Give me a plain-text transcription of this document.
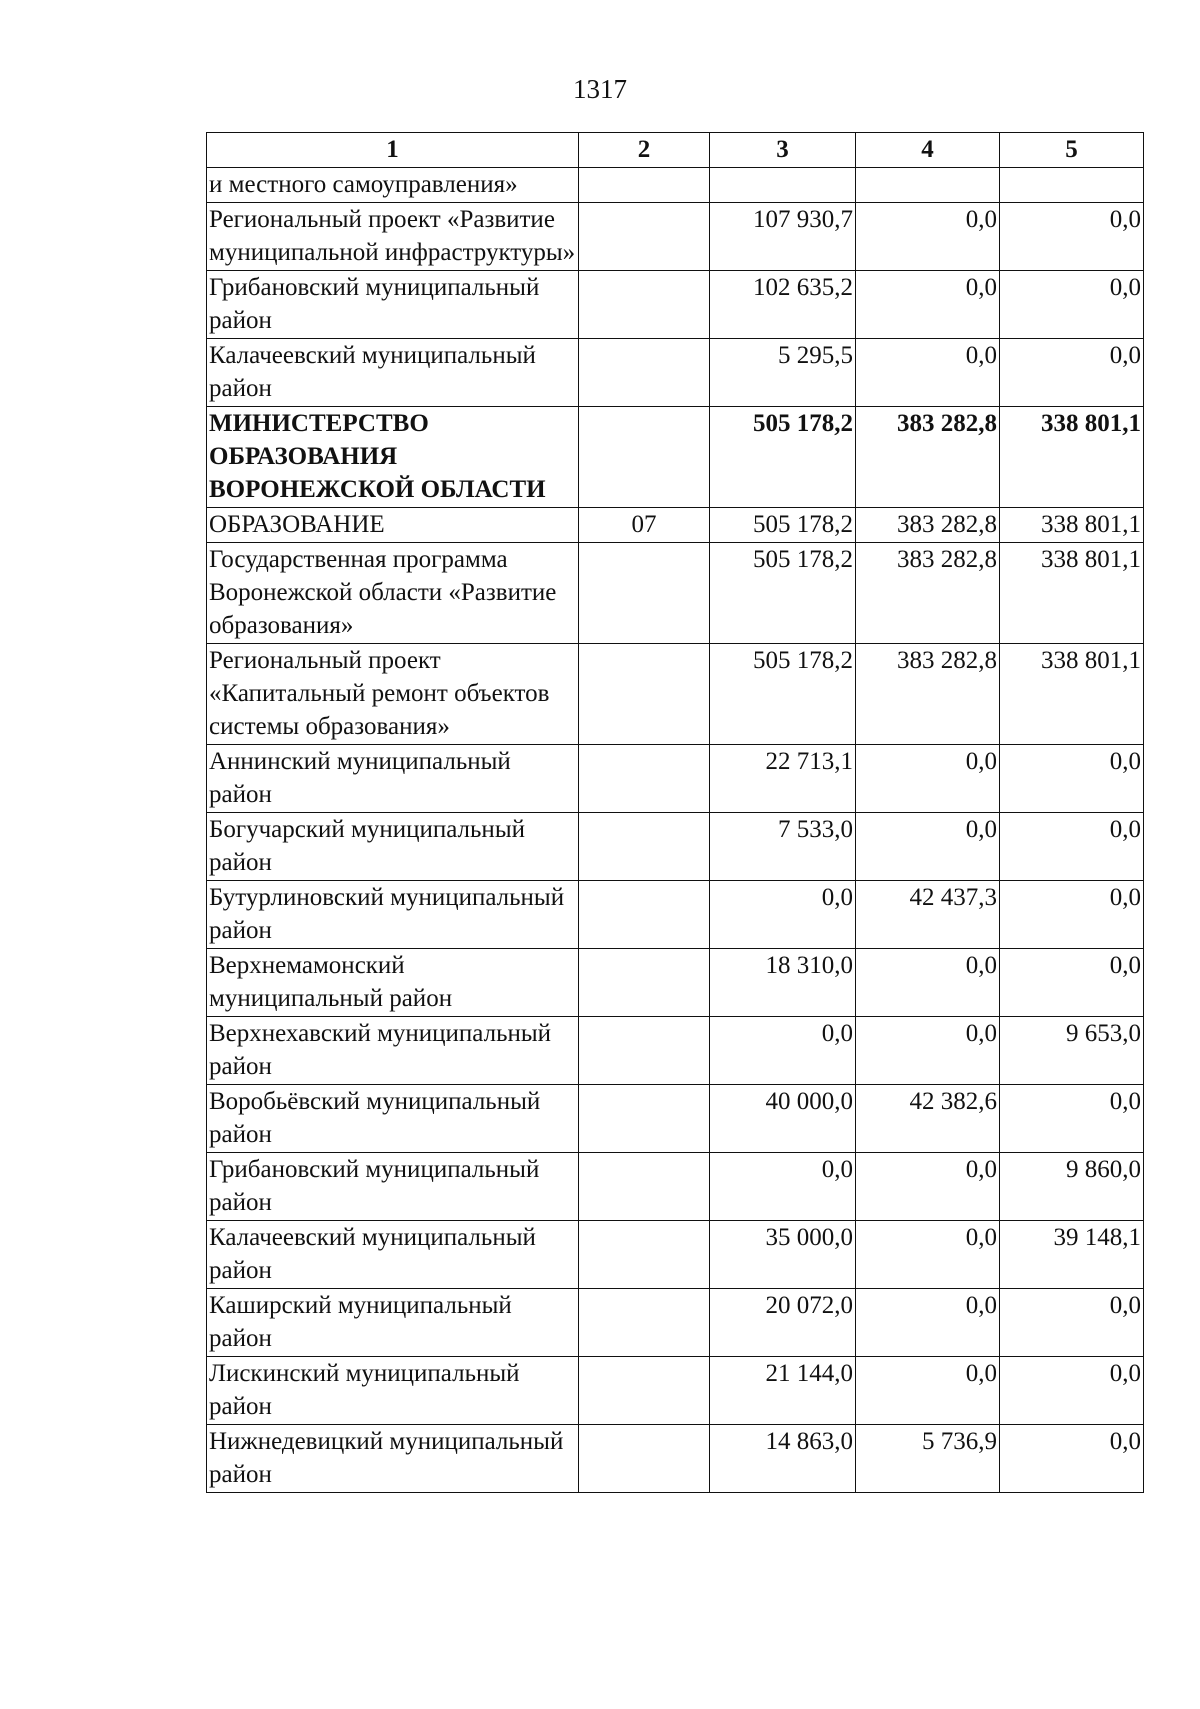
1317
1	2	3	4	5
и местного самоуправления»				
Региональный проект «Развитие муниципальной инфраструктуры»		107 930,7	0,0	0,0
Грибановский муниципальный район		102 635,2	0,0	0,0
Калачеевский муниципальный район		5 295,5	0,0	0,0
МИНИСТЕРСТВО ОБРАЗОВАНИЯ ВОРОНЕЖСКОЙ ОБЛАСТИ		505 178,2	383 282,8	338 801,1
ОБРАЗОВАНИЕ	07	505 178,2	383 282,8	338 801,1
Государственная программа Воронежской области «Развитие образования»		505 178,2	383 282,8	338 801,1
Региональный проект «Капитальный ремонт объектов системы образования»		505 178,2	383 282,8	338 801,1
Аннинский муниципальный район		22 713,1	0,0	0,0
Богучарский муниципальный район		7 533,0	0,0	0,0
Бутурлиновский муниципальный район		0,0	42 437,3	0,0
Верхнемамонский муниципальный район		18 310,0	0,0	0,0
Верхнехавский муниципальный район		0,0	0,0	9 653,0
Воробьёвский муниципальный район		40 000,0	42 382,6	0,0
Грибановский муниципальный район		0,0	0,0	9 860,0
Калачеевский муниципальный район		35 000,0	0,0	39 148,1
Каширский муниципальный район		20 072,0	0,0	0,0
Лискинский муниципальный район		21 144,0	0,0	0,0
Нижнедевицкий муниципальный район		14 863,0	5 736,9	0,0
